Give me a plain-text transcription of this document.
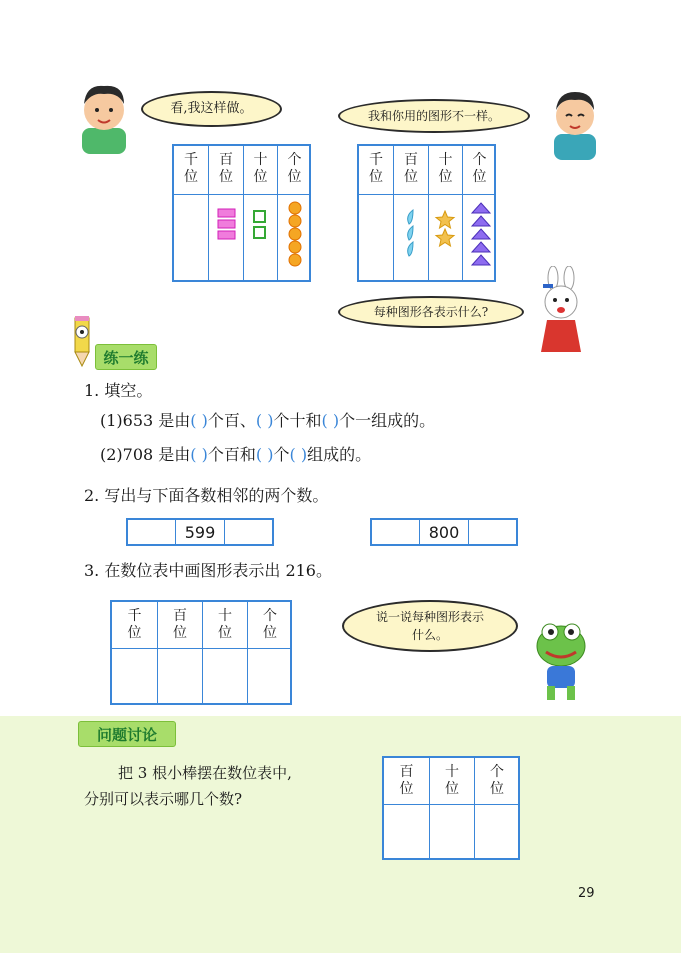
看,我这样做。	我和你用的图形不一样。
千
位
百
位
十
位
个
位
千
位
百
位
十
位
个
位
每种图形各表示什么?
练一练
1. 填空。
(1)653 是由( )个百、( )个十和( )个一组成的。
(2)708 是由( )个百和( )个( )组成的。
2. 写出与下面各数相邻的两个数。
599	800
3. 在数位表中画图形表示出 216。
千
位
百
位
十
位
个
位
说一说每种图形表示什么。
问题讨论
把 3 根小棒摆在数位表中,
分别可以表示哪几个数?
百
位
十
位
个
位
29
